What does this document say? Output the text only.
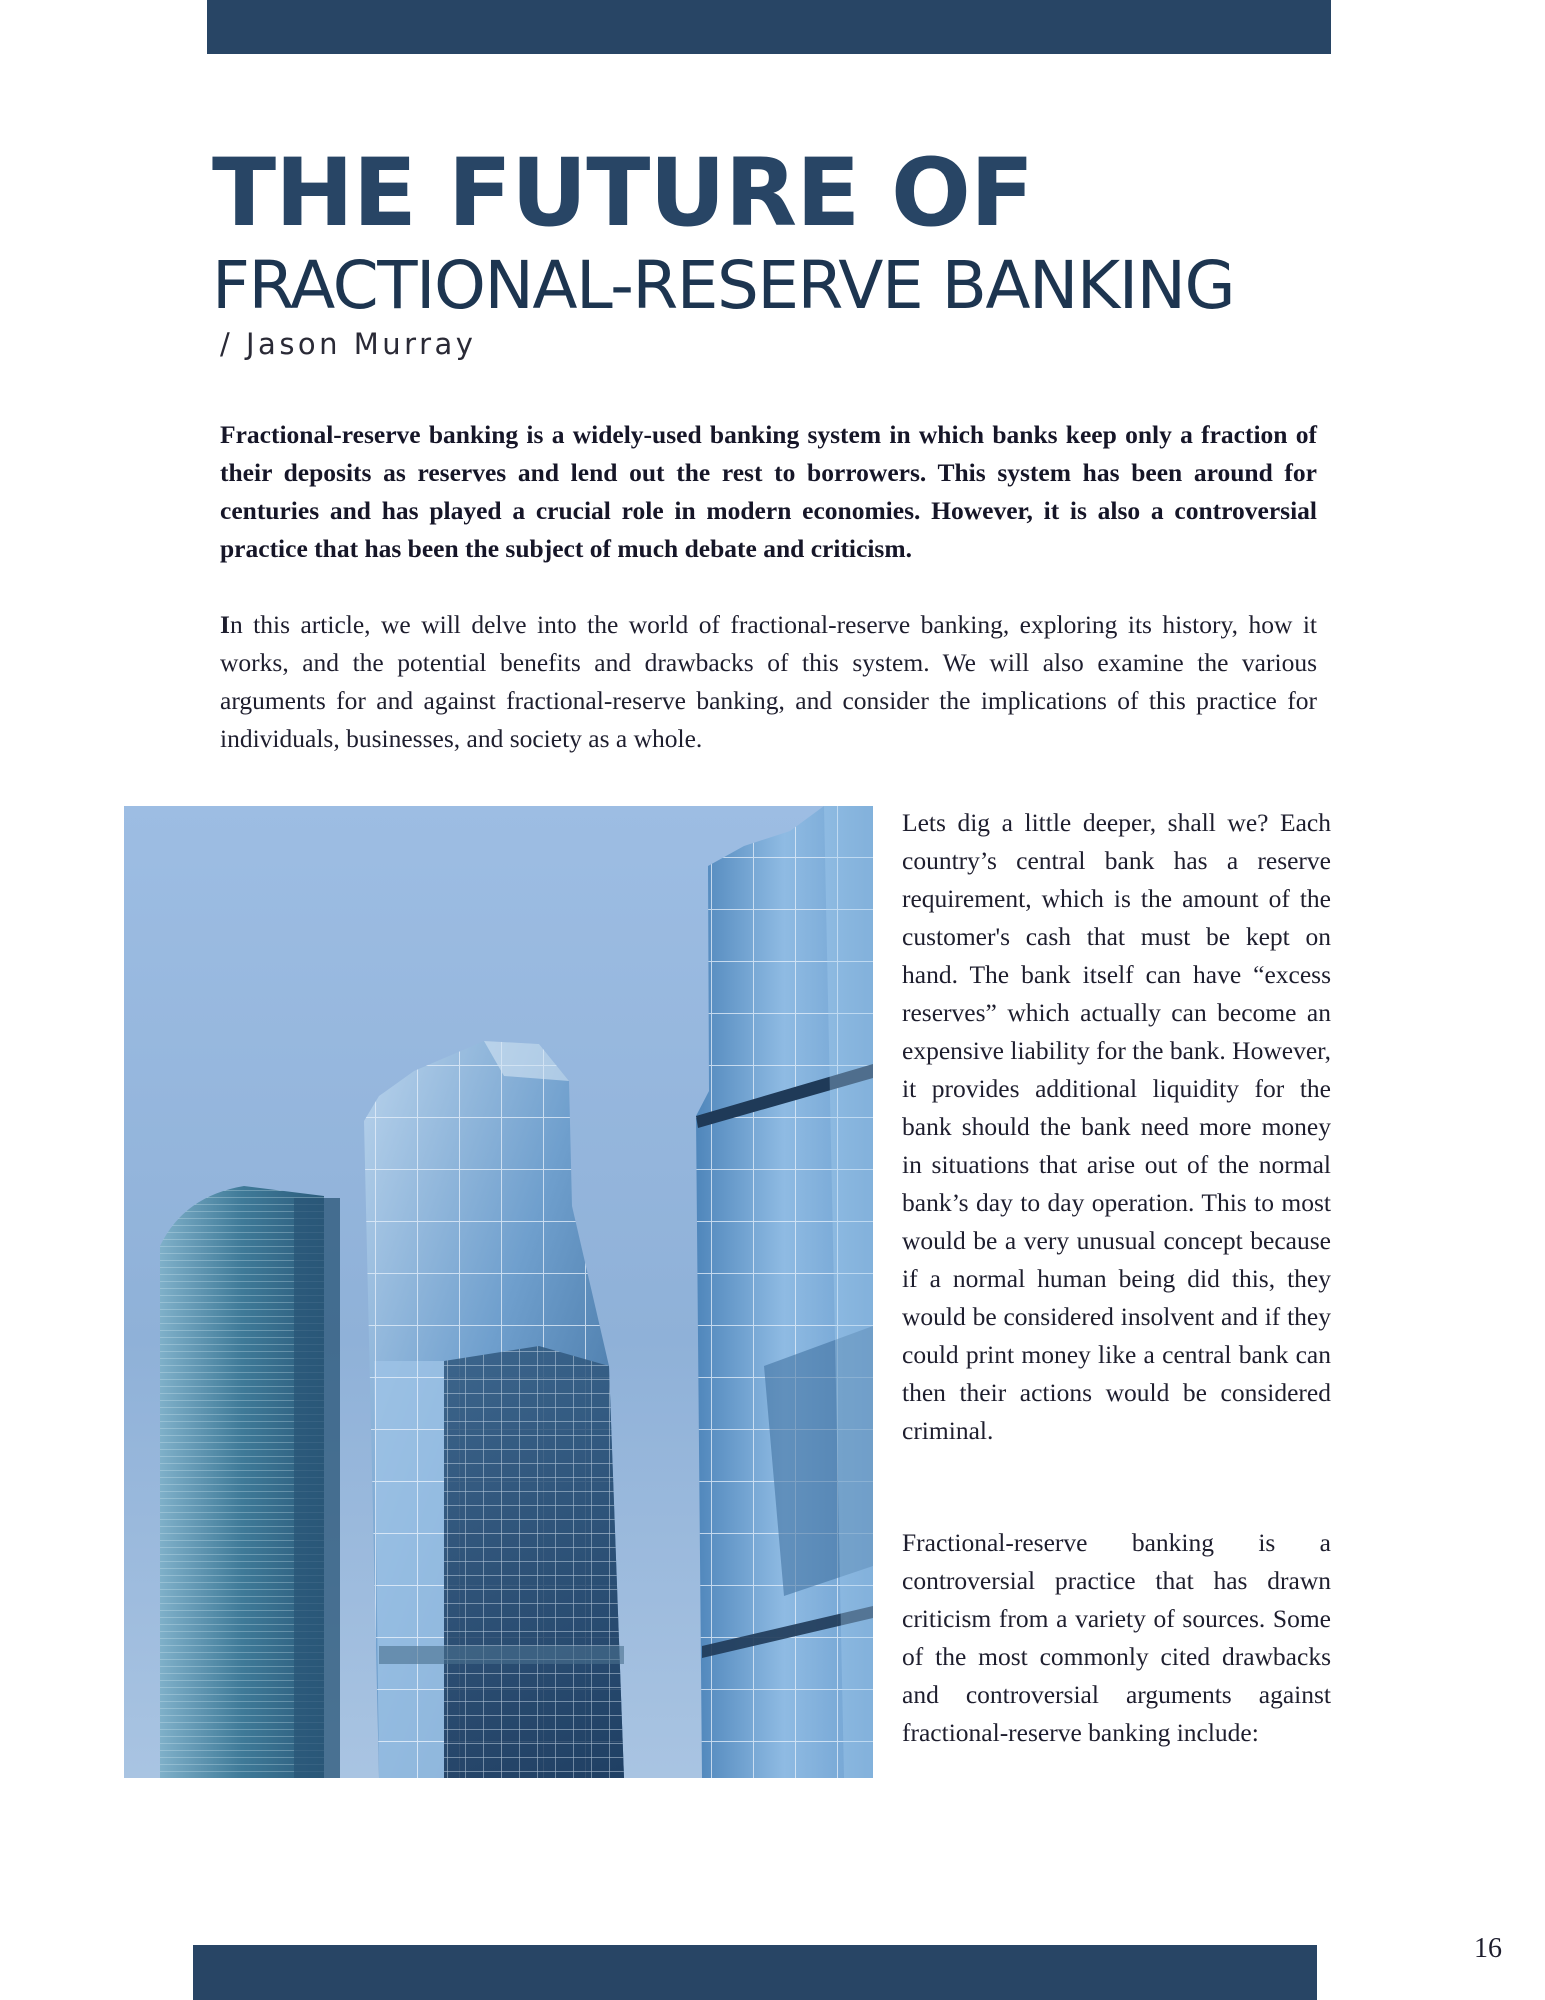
THE FUTURE OF
FRACTIONAL-RESERVE BANKING
/ Jason Murray

Fractional-reserve banking is a widely-used banking system in which banks keep only a fraction of their deposits as reserves and lend out the rest to borrowers. This system has been around for centuries and has played a crucial role in modern economies. However, it is also a controversial practice that has been the subject of much debate and criticism.

In this article, we will delve into the world of fractional-reserve banking, exploring its history, how it works, and the potential benefits and drawbacks of this system. We will also examine the various arguments for and against fractional-reserve banking, and consider the implications of this practice for individuals, businesses, and society as a whole.

Lets dig a little deeper, shall we? Each country’s central bank has a reserve requirement, which is the amount of the customer's cash that must be kept on hand. The bank itself can have “excess reserves” which actually can become an expensive liability for the bank. However, it provides additional liquidity for the bank should the bank need more money in situations that arise out of the normal bank’s day to day operation. This to most would be a very unusual concept because if a normal human being did this, they would be considered insolvent and if they could print money like a central bank can then their actions would be considered criminal.

Fractional-reserve banking is a controversial practice that has drawn criticism from a variety of sources. Some of the most commonly cited drawbacks and controversial arguments against fractional-reserve banking include:

16
